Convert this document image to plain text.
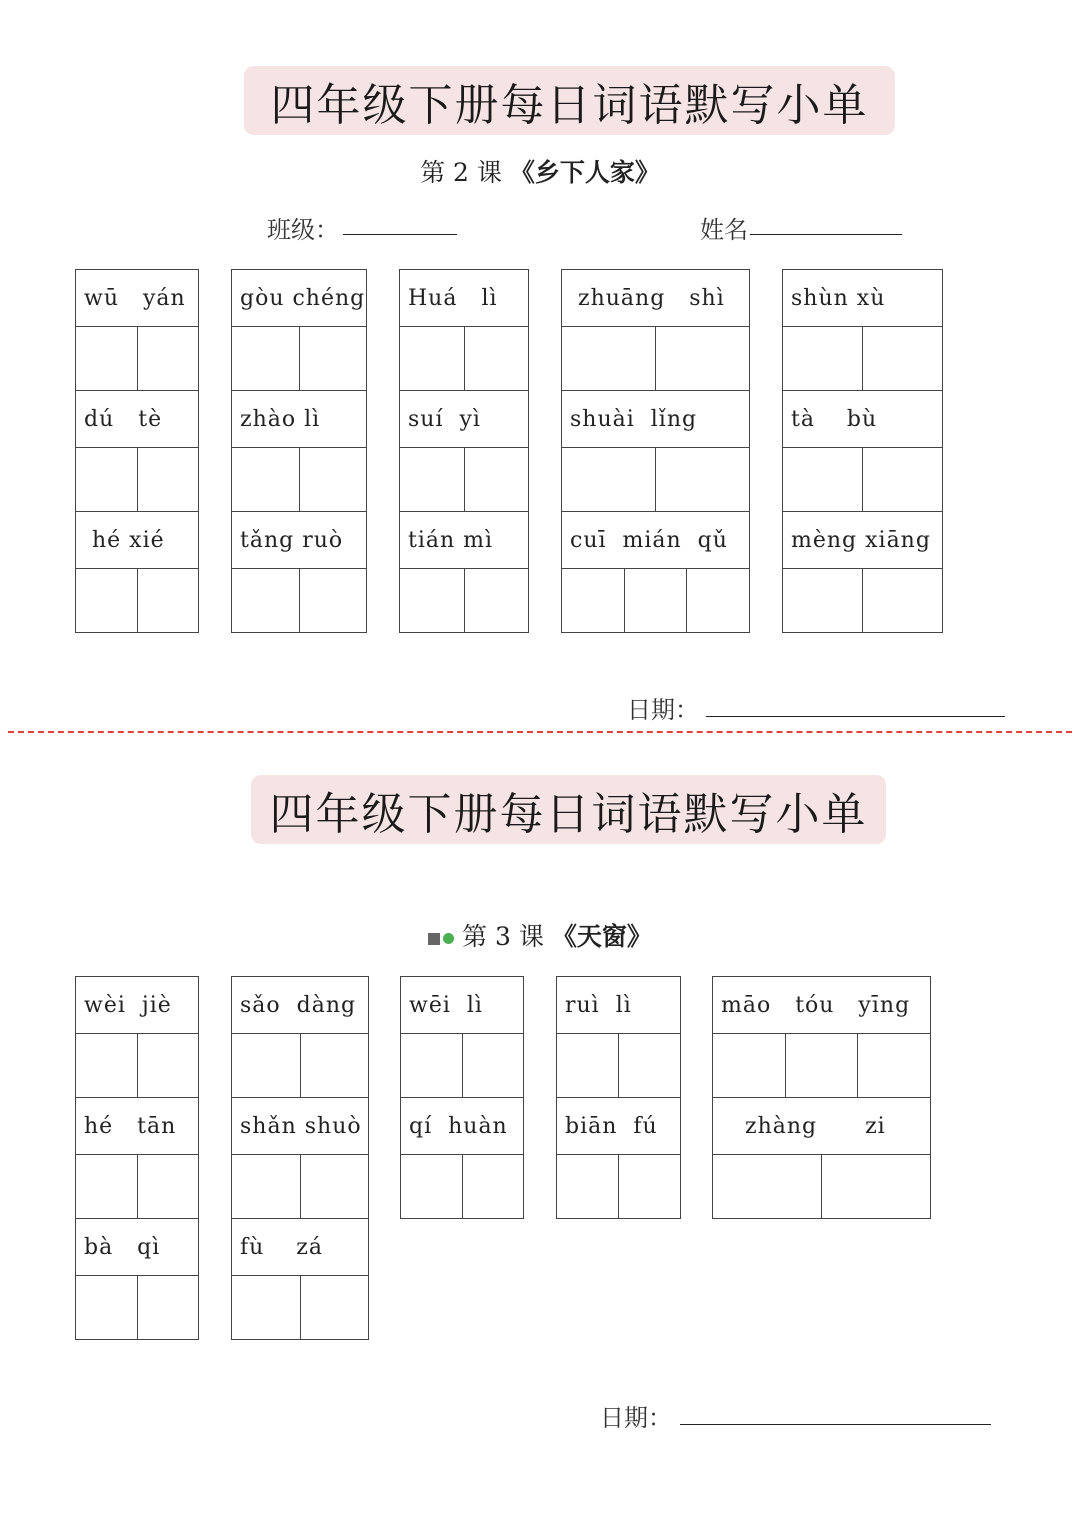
四年级下册每日词语默写小单
第 2 课 《乡下人家》
班级：	姓名
wū   yán
dú   tè
hé xié
gòu chéng
zhào lì
tǎng ruò
Huá   lì
suí  yì
tián mì
zhuāng   shì
shuài  lǐng
cuī  mián  qǔ
shùn xù
tà    bù
mèng xiāng
日期：
四年级下册每日词语默写小单
第 3 课 《天窗》
wèi  jiè
hé   tān
bà   qì
sǎo  dàng
shǎn shuò
fù    zá
wēi  lì
qí  huàn
ruì  lì
biān  fú
māo   tóu   yīng
zhàng      zi
日期：
